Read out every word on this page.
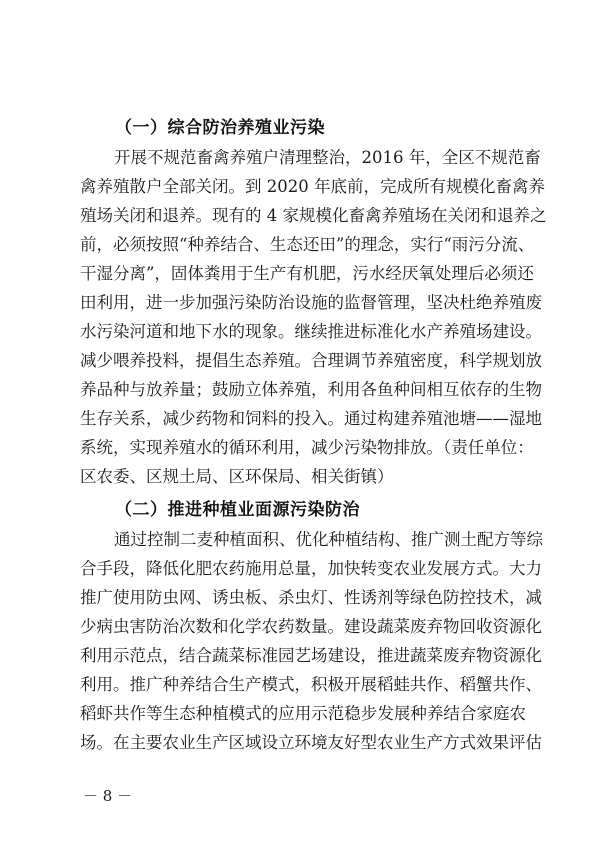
（一）综合防治养殖业污染
开展不规范畜禽养殖户清理整治，2016 年，全区不规范畜
禽养殖散户全部关闭。到 2020 年底前，完成所有规模化畜禽养
殖场关闭和退养。现有的 4 家规模化畜禽养殖场在关闭和退养之
前，必须按照“种养结合、生态还田”的理念，实行“雨污分流、
干湿分离”，固体粪用于生产有机肥，污水经厌氧处理后必须还
田利用，进一步加强污染防治设施的监督管理，坚决杜绝养殖废
水污染河道和地下水的现象。继续推进标准化水产养殖场建设。
减少喂养投料，提倡生态养殖。合理调节养殖密度，科学规划放
养品种与放养量；鼓励立体养殖，利用各鱼种间相互依存的生物
生存关系，减少药物和饲料的投入。通过构建养殖池塘——湿地
系统，实现养殖水的循环利用，减少污染物排放。（责任单位：
区农委、区规土局、区环保局、相关街镇）
（二）推进种植业面源污染防治
通过控制二麦种植面积、优化种植结构、推广测土配方等综
合手段，降低化肥农药施用总量，加快转变农业发展方式。大力
推广使用防虫网、诱虫板、杀虫灯、性诱剂等绿色防控技术，减
少病虫害防治次数和化学农药数量。建设蔬菜废弃物回收资源化
利用示范点，结合蔬菜标准园艺场建设，推进蔬菜废弃物资源化
利用。推广种养结合生产模式，积极开展稻蛙共作、稻蟹共作、
稻虾共作等生态种植模式的应用示范稳步发展种养结合家庭农
场。在主要农业生产区域设立环境友好型农业生产方式效果评估
－ 8 －
